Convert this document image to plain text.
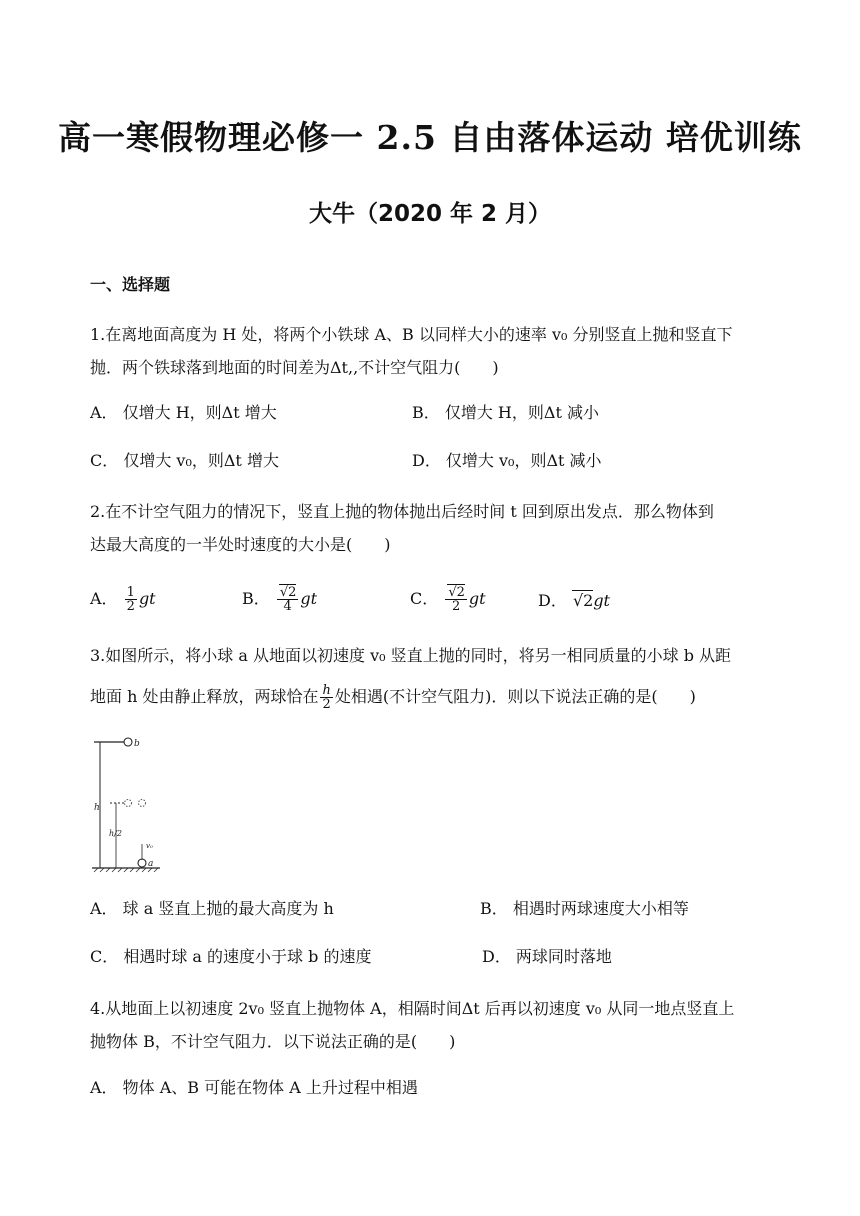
高一寒假物理必修一 2.5 自由落体运动 培优训练
大牛（2020 年 2 月）
一、选择题
1.在离地面高度为 H 处，将两个小铁球 A、B 以同样大小的速率 v₀ 分别竖直上抛和竖直下
抛．两个铁球落到地面的时间差为Δt,,不计空气阻力(　　)
A． 仅增大 H，则Δt 增大	B． 仅增大 H，则Δt 减小
C． 仅增大 v₀，则Δt 增大	D． 仅增大 v₀，则Δt 减小
2.在不计空气阻力的情况下，竖直上抛的物体抛出后经时间 t 回到原出发点．那么物体到
达最大高度的一半处时速度的大小是(　　)
A． $\frac{1}{2}$ gt	B． $\frac{√2}{4}$ gt	C． $\frac{√2}{2}$ gt	D． √2gt
3.如图所示，将小球 a 从地面以初速度 v₀ 竖直上抛的同时，将另一相同质量的小球 b 从距
地面 h 处由静止释放，两球恰在 $\frac{h}{2}$ 处相遇(不计空气阻力)．则以下说法正确的是(　　)
b
h
h/2
v₀
a
A． 球 a 竖直上抛的最大高度为 h	B． 相遇时两球速度大小相等
C． 相遇时球 a 的速度小于球 b 的速度	D． 两球同时落地
4.从地面上以初速度 2v₀ 竖直上抛物体 A，相隔时间Δt 后再以初速度 v₀ 从同一地点竖直上
抛物体 B，不计空气阻力．以下说法正确的是(　　)
A． 物体 A、B 可能在物体 A 上升过程中相遇
